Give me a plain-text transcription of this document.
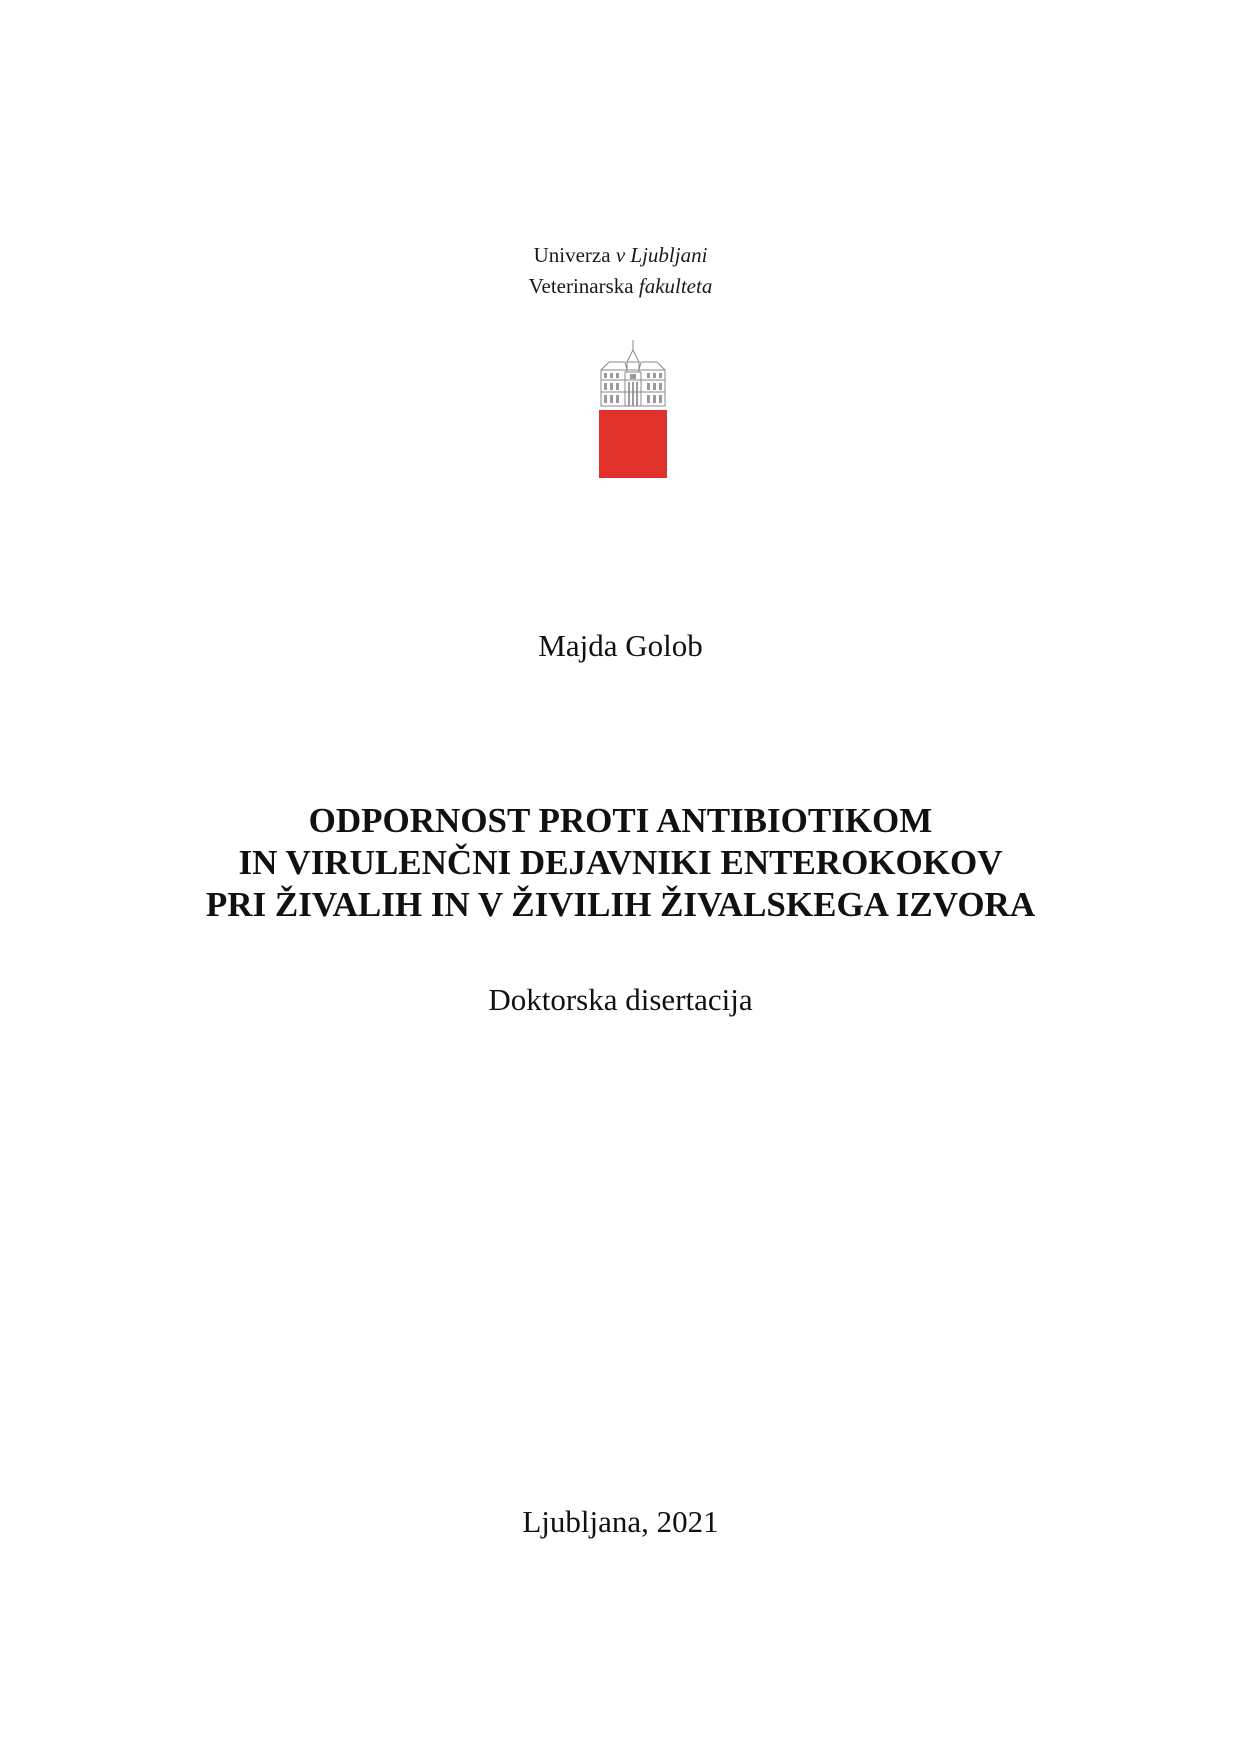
Univerza v Ljubljani
Veterinarska fakulteta
Majda Golob
ODPORNOST PROTI ANTIBIOTIKOM
IN VIRULENČNI DEJAVNIKI ENTEROKOKOV
PRI ŽIVALIH IN V ŽIVILIH ŽIVALSKEGA IZVORA
Doktorska disertacija
Ljubljana, 2021
